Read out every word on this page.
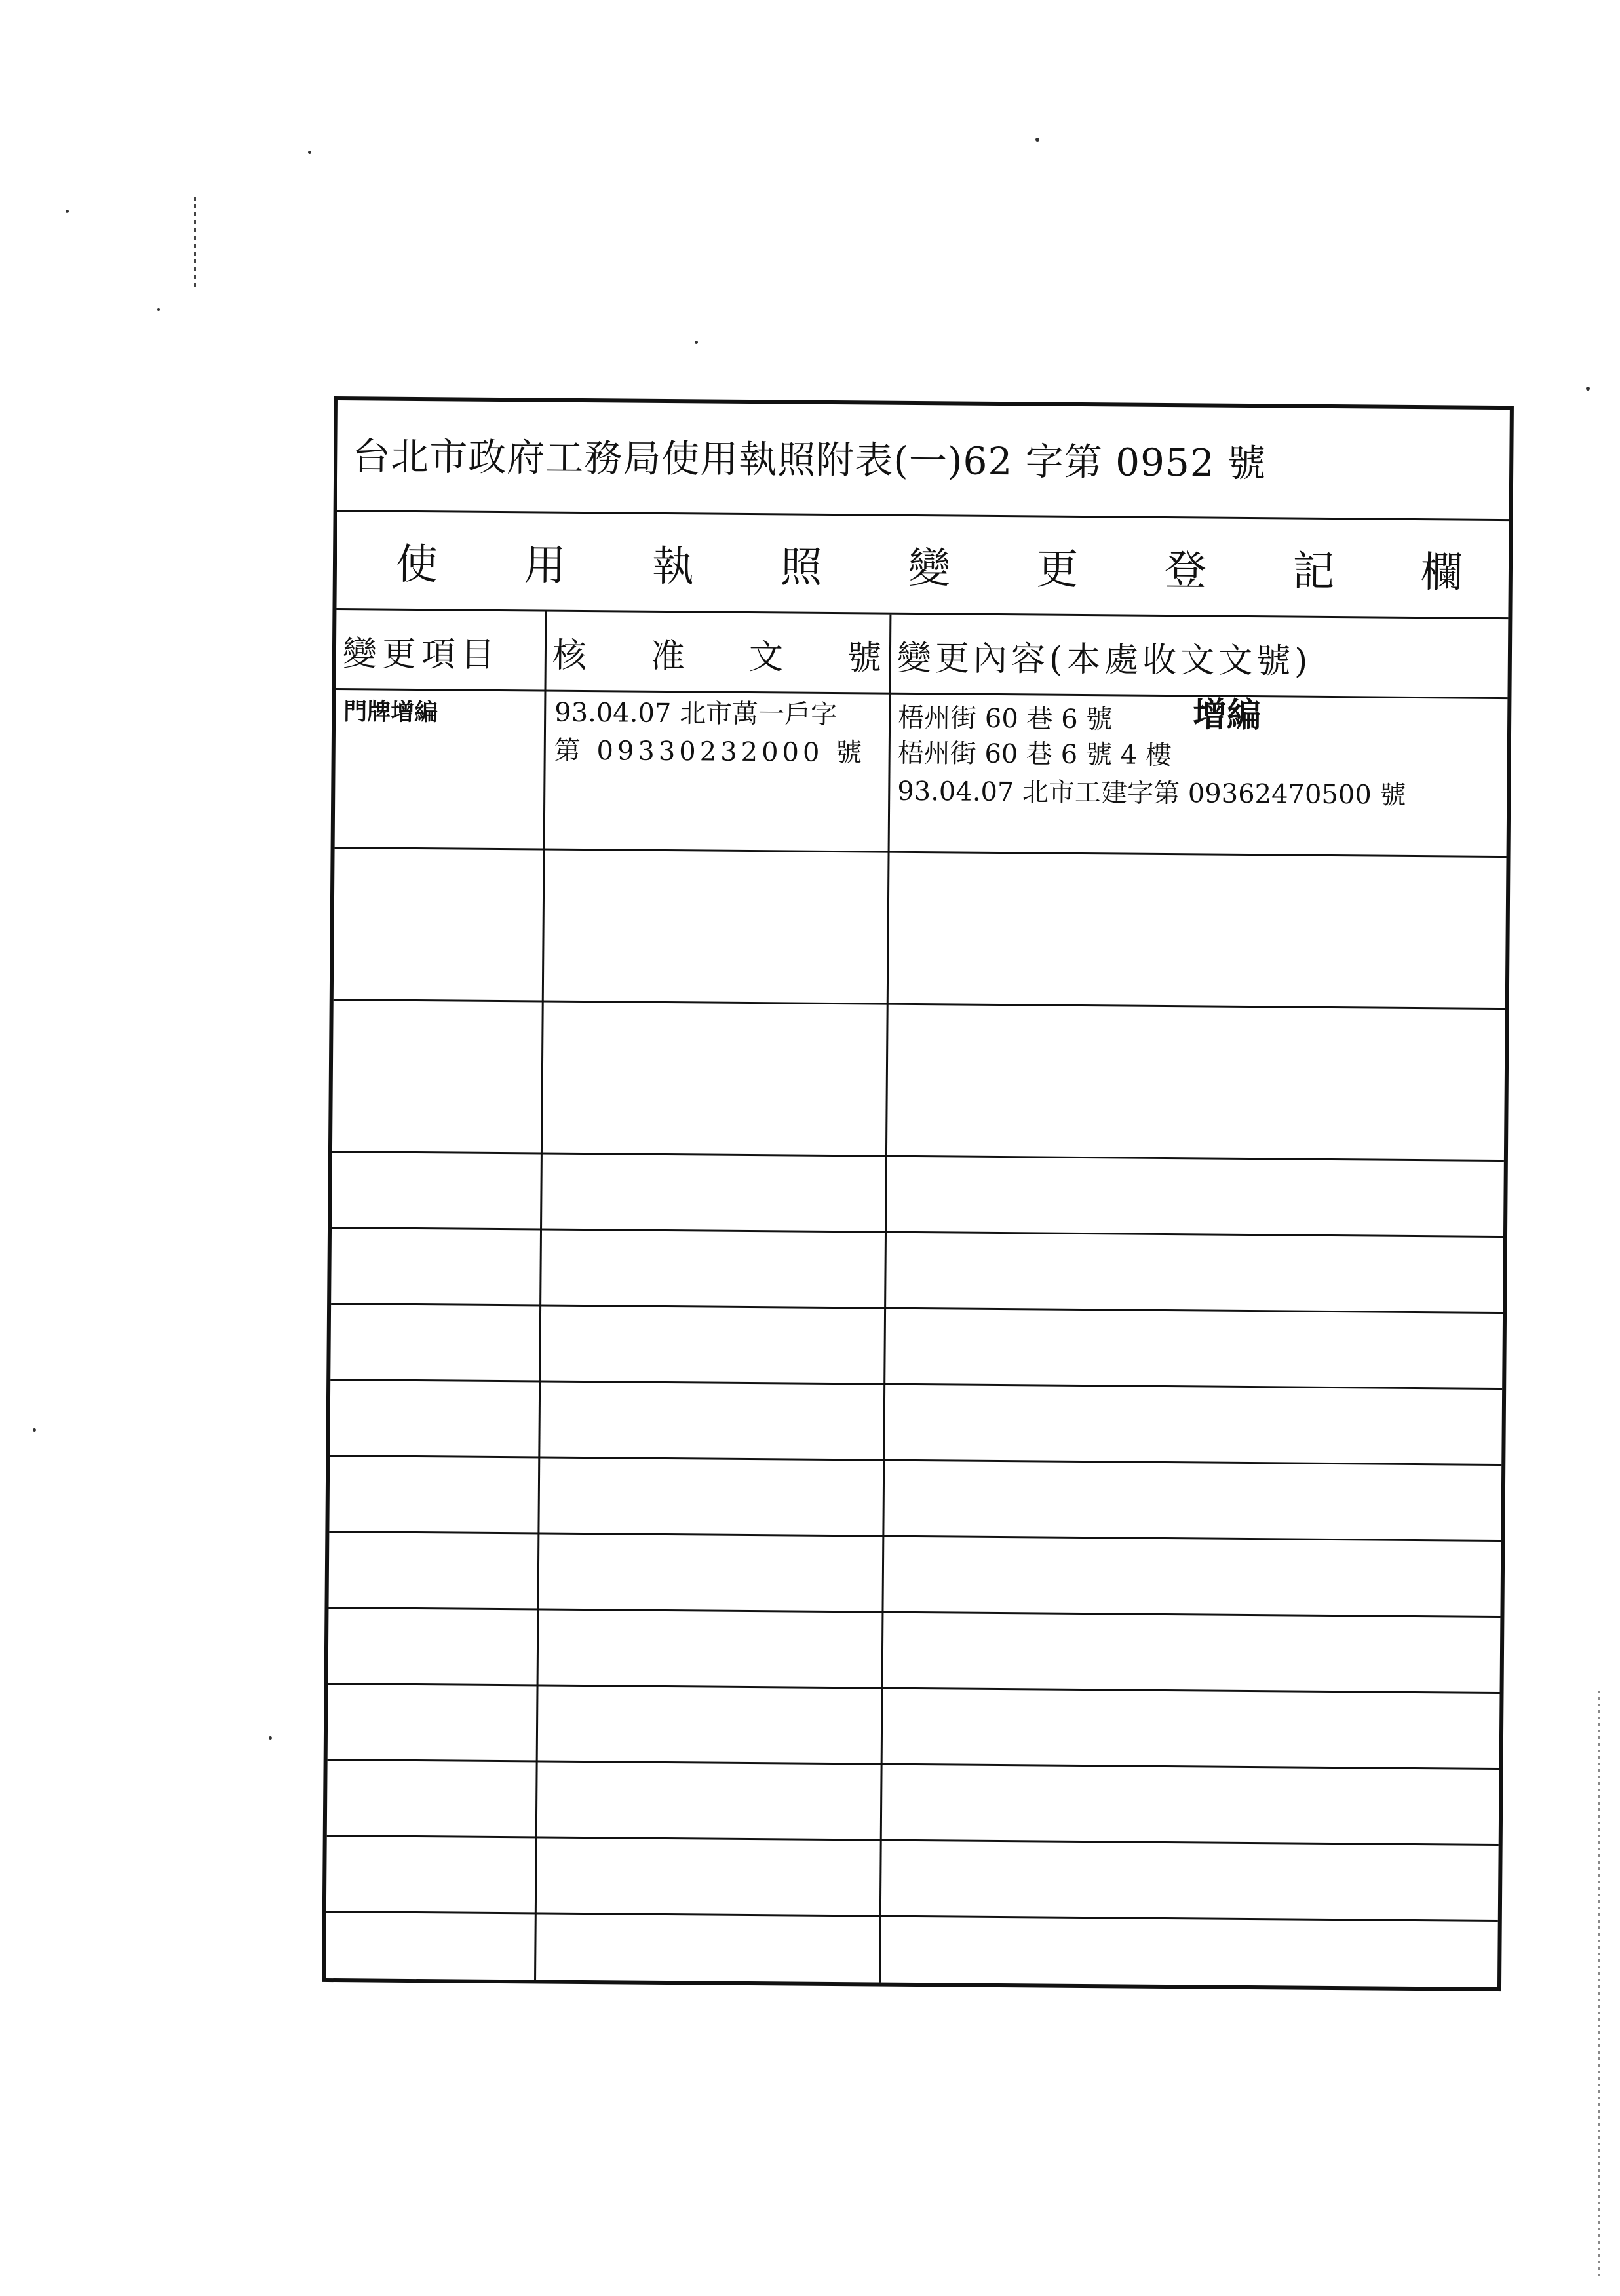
台北市政府工務局使用執照附表(一)62 字第 0952 號
使 用 執 照 變 更 登 記 欄
變更項目	核 准 文 號 變更內容(本處收文文號)
門牌增編	93.04.07 北市萬一戶字
第 09330232000 號
梧州街 60 巷 6 號 增編
梧州街 60 巷 6 號 4 樓
93.04.07 北市工建字第 09362470500 號
